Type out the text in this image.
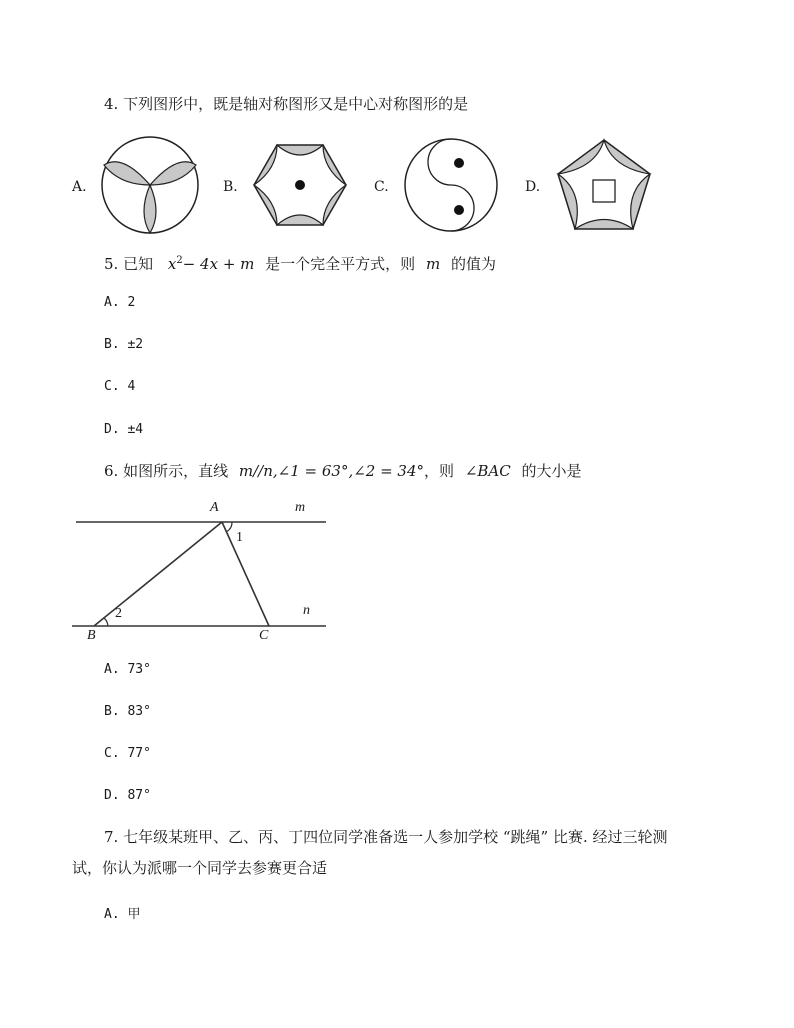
4. 下列图形中，既是轴对称图形又是中心对称图形的是
A.	B.	C.	D.
5. 已知 $x^2- 4x + m$ 是一个完全平方式，则 m 的值为
A. 2
B. ±2
C. 4
D. ±4
6. 如图所示，直线 m//n,∠1 = 63°,∠2 = 34°，则 ∠BAC 的大小是
A	m
1
2	n
B	C
A. 73°
B. 83°
C. 77°
D. 87°
7. 七年级某班甲、乙、丙、丁四位同学准备选一人参加学校 “跳绳” 比赛. 经过三轮测
试，你认为派哪一个同学去参赛更合适
A. 甲
